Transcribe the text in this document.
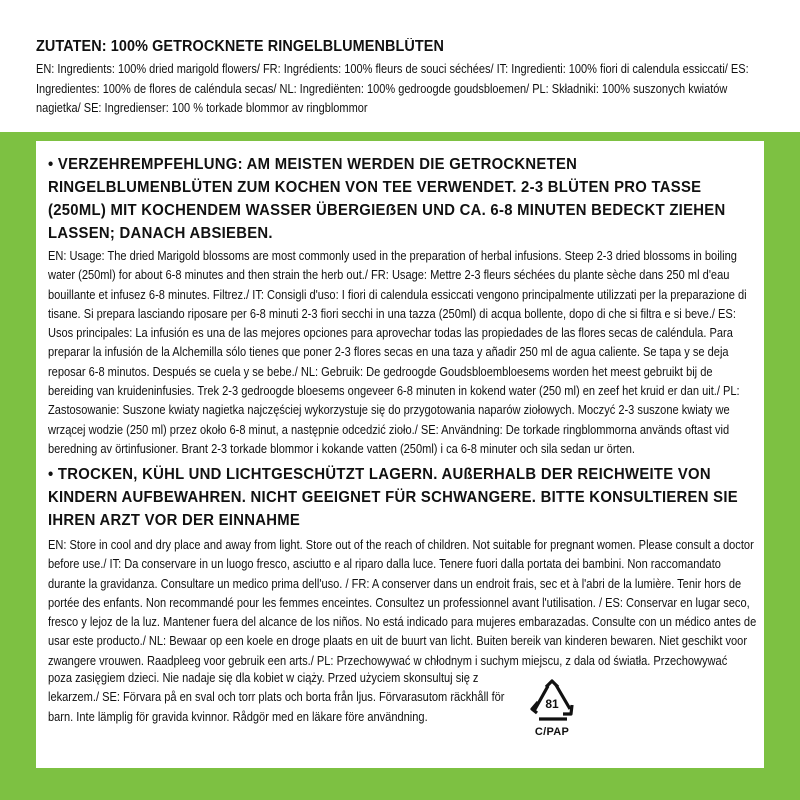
ZUTATEN: 100% GETROCKNETE RINGELBLUMENBLÜTEN
EN: Ingredients: 100% dried marigold flowers/ FR: Ingrédients: 100% fleurs de souci séchées/ IT: Ingredienti: 100% fiori di calendula essiccati/ ES: Ingredientes: 100% de flores de caléndula secas/ NL: Ingrediënten: 100% gedroogde goudsbloemen/ PL: Składniki: 100% suszonych kwiatów nagietka/ SE: Ingredienser: 100 % torkade blommor av ringblommor
• VERZEHREMPFEHLUNG: AM MEISTEN WERDEN DIE GETROCKNETEN RINGELBLUMENBLÜTEN ZUM KOCHEN VON TEE VERWENDET. 2-3 BLÜTEN PRO TASSE (250ML) MIT KOCHENDEM WASSER ÜBERGIEẞEN UND CA. 6-8 MINUTEN BEDECKT ZIEHEN LASSEN; DANACH ABSIEBEN.
EN: Usage: The dried Marigold blossoms are most commonly used in the preparation of herbal infusions. Steep 2-3 dried blossoms in boiling water (250ml) for about 6-8 minutes and then strain the herb out./ FR: Usage: Mettre 2-3 fleurs séchées du plante sèche dans 250 ml d'eau bouillante et infusez 6-8 minutes. Filtrez./ IT: Consigli d'uso: I fiori di calendula essiccati vengono principalmente utilizzati per la preparazione di tisane. Si prepara lasciando riposare per 6-8 minuti 2-3 fiori secchi in una tazza (250ml) di acqua bollente, dopo di che si filtra e si beve./ ES: Usos principales: La infusión es una de las mejores opciones para aprovechar todas las propiedades de las flores secas de caléndula. Para preparar la infusión de la Alchemilla sólo tienes que poner 2-3 flores secas en una taza y añadir 250 ml de agua caliente. Se tapa y se deja reposar 6-8 minutos. Después se cuela y se bebe./ NL: Gebruik: De gedroogde Goudsbloembloesems worden het meest gebruikt bij de bereiding van kruideninfusies. Trek 2-3 gedroogde bloesems ongeveer 6-8 minuten in kokend water (250 ml) en zeef het kruid er dan uit./ PL: Zastosowanie: Suszone kwiaty nagietka najczęściej wykorzystuje się do przygotowania naparów ziołowych. Moczyć 2-3 suszone kwiaty we wrzącej wodzie (250 ml) przez około 6-8 minut, a następnie odcedzić zioło./ SE: Användning: De torkade ringblommorna används oftast vid beredning av örtinfusioner. Brant 2-3 torkade blommor i kokande vatten (250ml) i ca 6-8 minuter och sila sedan ur örten.
• TROCKEN, KÜHL UND LICHTGESCHÜTZT LAGERN. AUßERHALB DER REICHWEITE VON KINDERN AUFBEWAHREN. NICHT GEEIGNET FÜR SCHWANGERE. BITTE KONSULTIEREN SIE IHREN ARZT VOR DER EINNAHME
EN: Store in cool and dry place and away from light. Store out of the reach of children. Not suitable for pregnant women. Please consult a doctor before use./ IT: Da conservare in un luogo fresco, asciutto e al riparo dalla luce. Tenere fuori dalla portata dei bambini. Non raccomandato durante la gravidanza. Consultare un medico prima dell'uso. / FR: A conserver dans un endroit frais, sec et à l'abri de la lumière. Tenir hors de portée des enfants. Non recommandé pour les femmes enceintes. Consultez un professionnel avant l'utilisation. / ES: Conservar en lugar seco, fresco y lejoz de la luz. Mantener fuera del alcance de los niños. No está indicado para mujeres embarazadas. Consulte con un médico antes de usar este producto./ NL: Bewaar op een koele en droge plaats en uit de buurt van licht. Buiten bereik van kinderen bewaren. Niet geschikt voor zwangere vrouwen. Raadpleeg voor gebruik een arts./ PL: Przechowywać w chłodnym i suchym miejscu, z dala od światła. Przechowywać
poza zasięgiem dzieci. Nie nadaje się dla kobiet w ciąży. Przed użyciem skonsultuj się z lekarzem./ SE: Förvara på en sval och torr plats och borta från ljus. Förvarasutom räckhåll för barn. Inte lämplig för gravida kvinnor. Rådgör med en läkare före användning.
81
C/PAP
